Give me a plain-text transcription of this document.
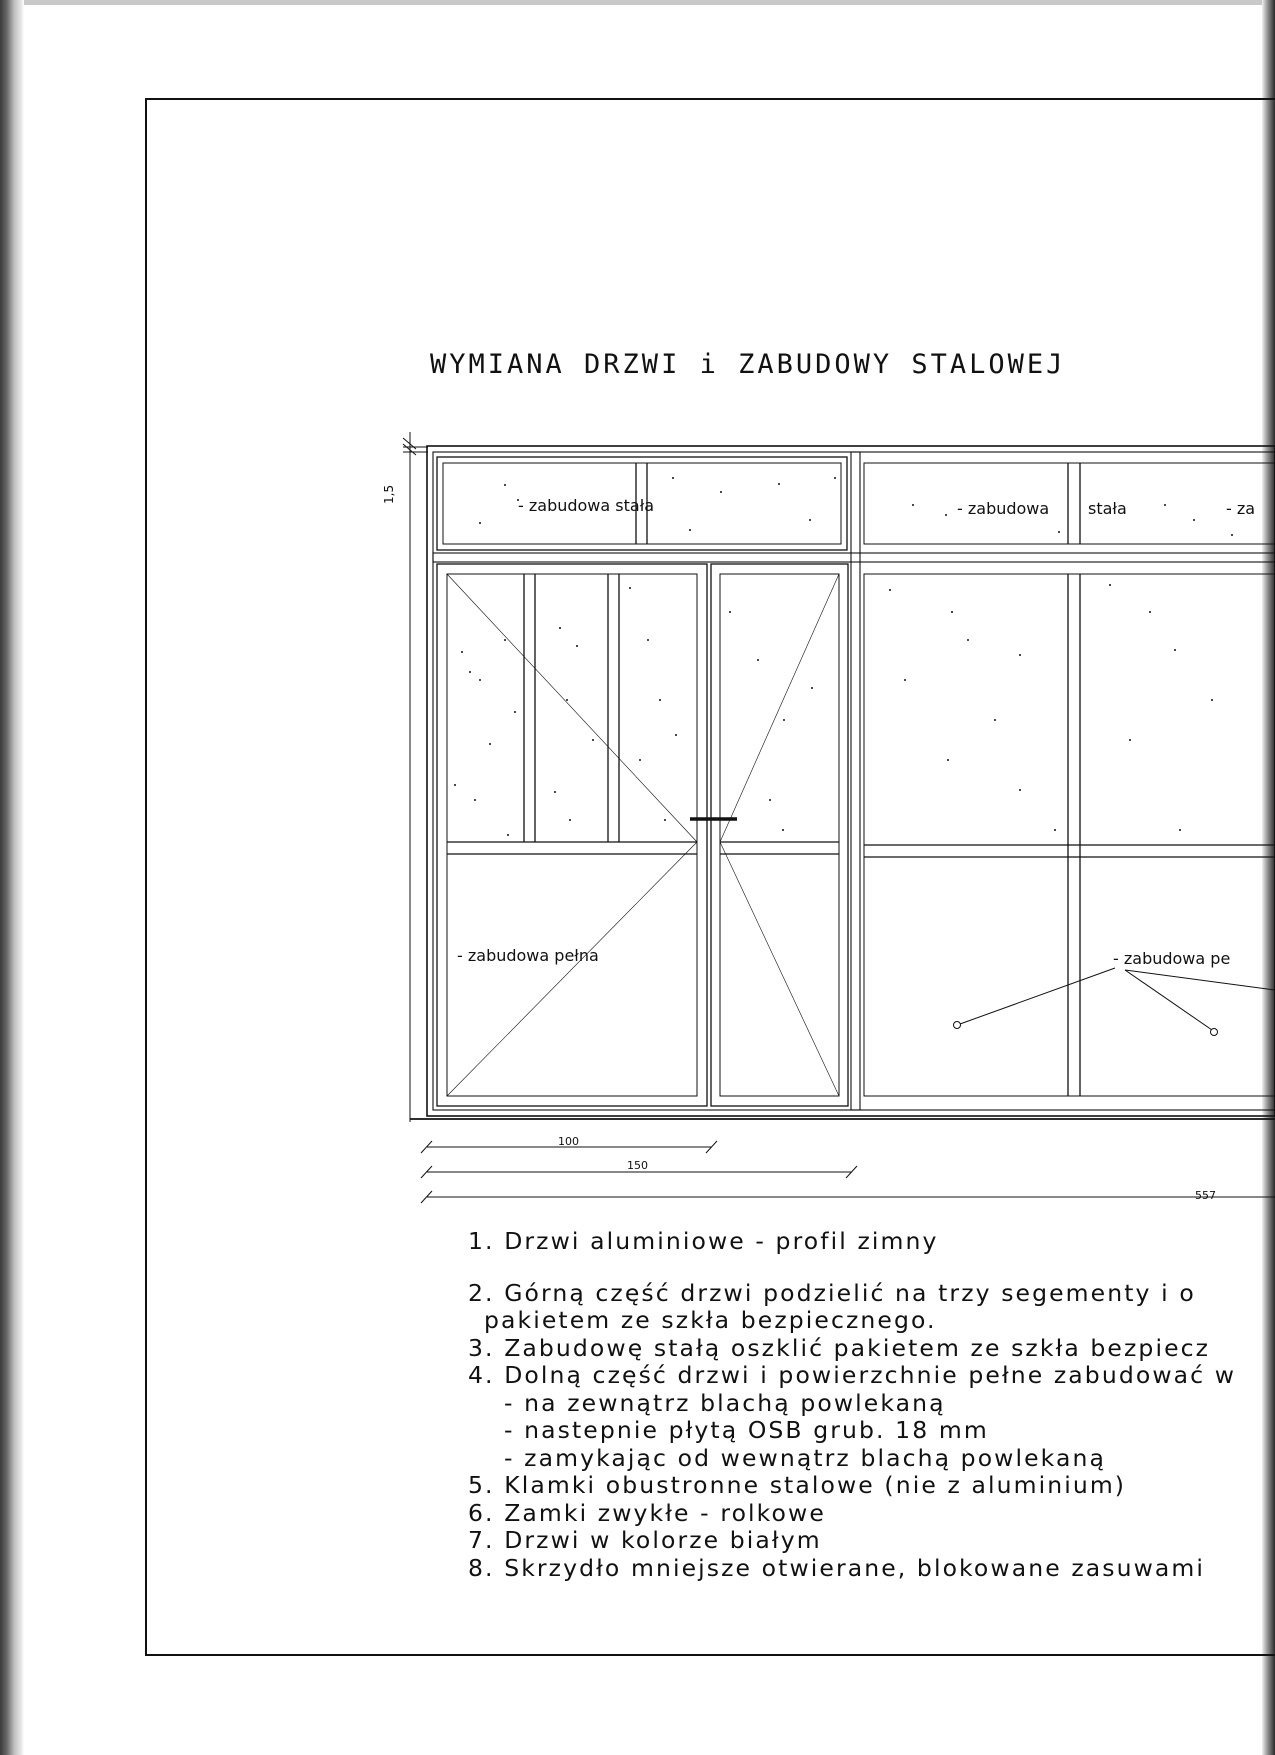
WYMIANA DRZWI i ZABUDOWY STALOWEJ
1,5
- zabudowa stała	- zabudowa stała	- za
- zabudowa pełna	- zabudowa pe
100
150
557
1. Drzwi aluminiowe - profil zimny
2. Górną część drzwi podzielić na trzy segementy i o
pakietem ze szkła bezpiecznego.
3. Zabudowę stałą oszklić pakietem ze szkła bezpiecz
4. Dolną część drzwi i powierzchnie pełne zabudować w
- na zewnątrz blachą powlekaną
- nastepnie płytą OSB grub. 18 mm
- zamykając od wewnątrz blachą powlekaną
5. Klamki obustronne stalowe (nie z aluminium)
6. Zamki zwykłe - rolkowe
7. Drzwi w kolorze białym
8. Skrzydło mniejsze otwierane, blokowane zasuwami
